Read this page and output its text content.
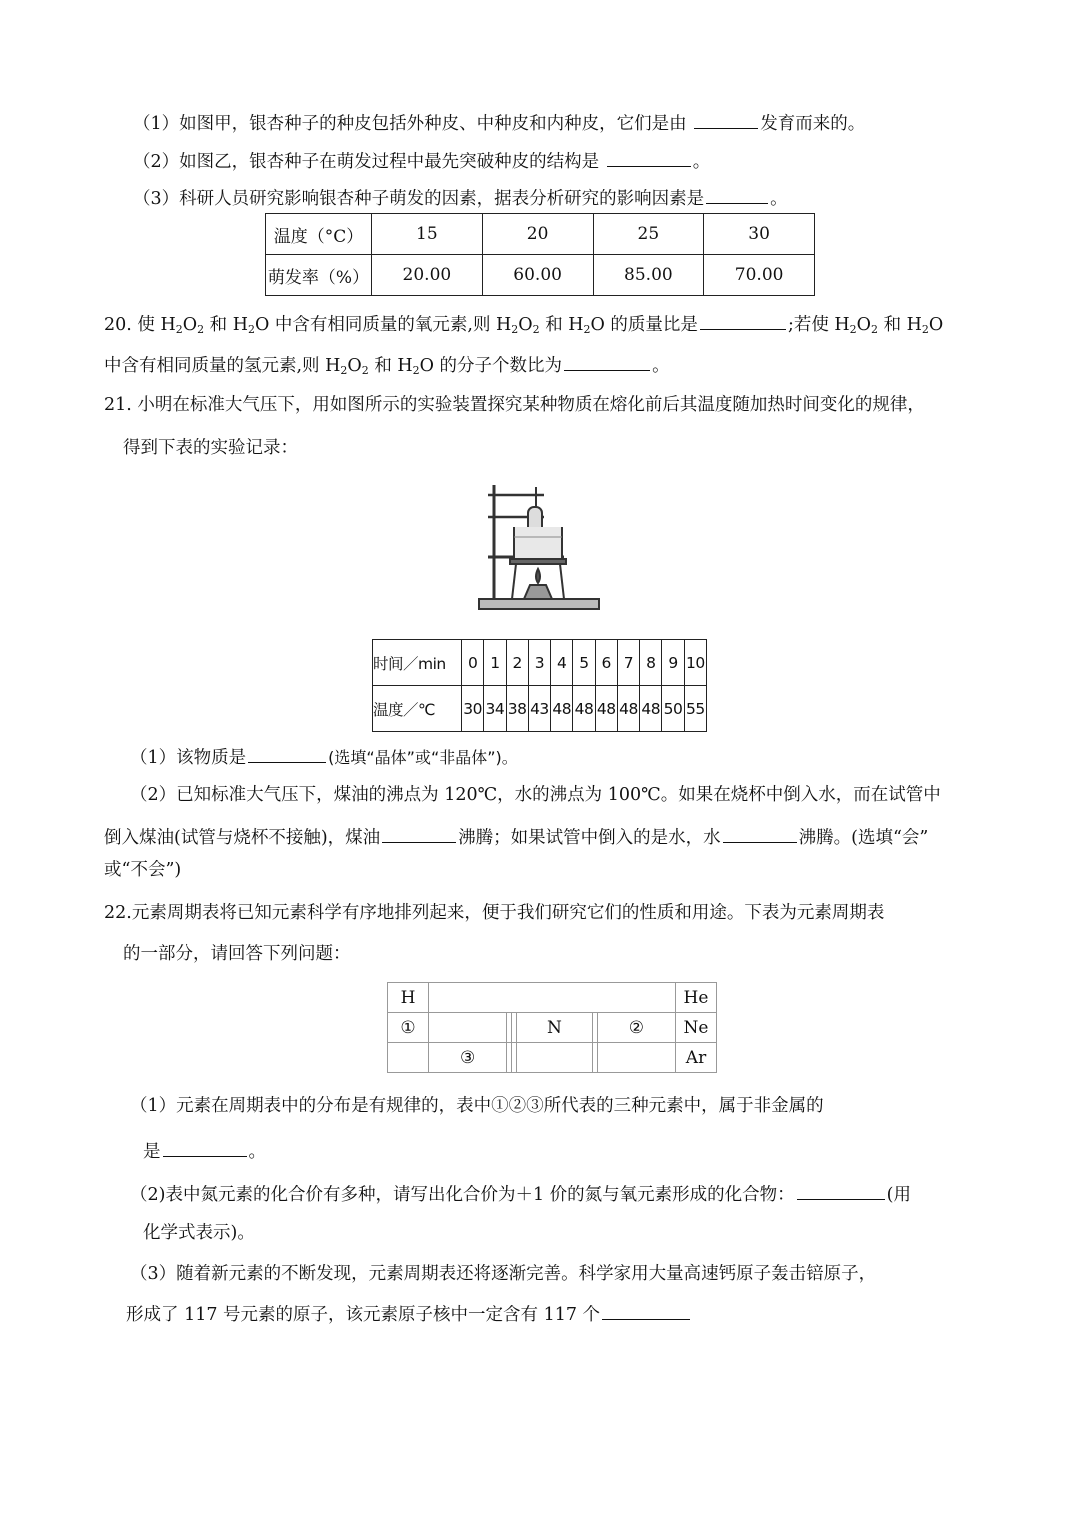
（1）如图甲，银杏种子的种皮包括外种皮、中种皮和内种皮，它们是由	发育而来的。
（2）如图乙，银杏种子在萌发过程中最先突破种皮的结构是	。
（3）科研人员研究影响银杏种子萌发的因素，据表分析研究的影响因素是	。
温度（°C）	15	20	25	30
萌发率（%）	20.00	60.00	85.00	70.00
20. 使 $H_2O_2$ 和 $H_2O$ 中含有相同质量的氧元素,则 $H_2O_2$ 和 $H_2O$ 的质量比是	;若使 $H_2O_2$ 和 $H_2O$
中含有相同质量的氢元素,则 $H_2O_2$ 和 $H_2O$ 的分子个数比为	。
21. 小明在标准大气压下，用如图所示的实验装置探究某种物质在熔化前后其温度随加热时间变化的规律，
得到下表的实验记录：
时间／min	0	1	2	3	4	5	6	7	8	9	10
温度／℃	30	34	38	43	48	48	48	48	48	50	55
（1）该物质是	(选填“晶体”或“非晶体”)。
（2）已知标准大气压下，煤油的沸点为 120℃，水的沸点为 100℃。如果在烧杯中倒入水，而在试管中
倒入煤油(试管与烧杯不接触)，煤油	沸腾；如果试管中倒入的是水，水	沸腾。(选填“会”
或“不会”)
22.元素周期表将已知元素科学有序地排列起来，便于我们研究它们的性质和用途。下表为元素周期表
的一部分，请回答下列问题：
H							He
①				N		②	Ne
	③						Ar
（1）元素在周期表中的分布是有规律的，表中①②③所代表的三种元素中，属于非金属的
是	。
（2)表中氮元素的化合价有多种，请写出化合价为＋1 价的氮与氧元素形成的化合物：	(用
化学式表示)。
（3）随着新元素的不断发现，元素周期表还将逐渐完善。科学家用大量高速钙原子轰击锫原子，
形成了 117 号元素的原子，该元素原子核中一定含有 117 个
